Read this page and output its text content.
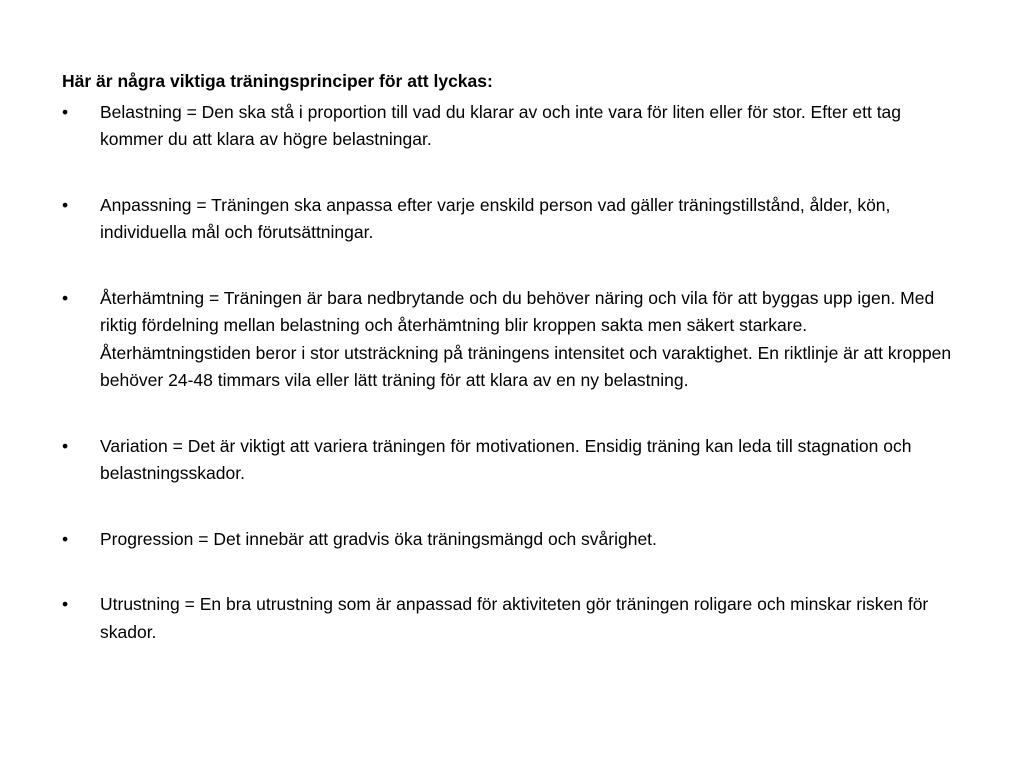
Här är några viktiga träningsprinciper för att lyckas:
•	Belastning = Den ska stå i proportion till vad du klarar av och inte vara för liten eller för stor. Efter ett tag kommer du att klara av högre belastningar.
•	Anpassning = Träningen ska anpassa efter varje enskild person vad gäller träningstillstånd, ålder, kön, individuella mål och förutsättningar.
•	Återhämtning = Träningen är bara nedbrytande och du behöver näring och vila för att byggas upp igen. Med riktig fördelning mellan belastning och återhämtning blir kroppen sakta men säkert starkare. Återhämtningstiden beror i stor utsträckning på träningens intensitet och varaktighet. En riktlinje är att kroppen behöver 24-48 timmars vila eller lätt träning för att klara av en ny belastning.
•	Variation = Det är viktigt att variera träningen för motivationen. Ensidig träning kan leda till stagnation och belastningsskador.
•	Progression = Det innebär att gradvis öka träningsmängd och svårighet.
•	Utrustning = En bra utrustning som är anpassad för aktiviteten gör träningen roligare och minskar risken för skador.
